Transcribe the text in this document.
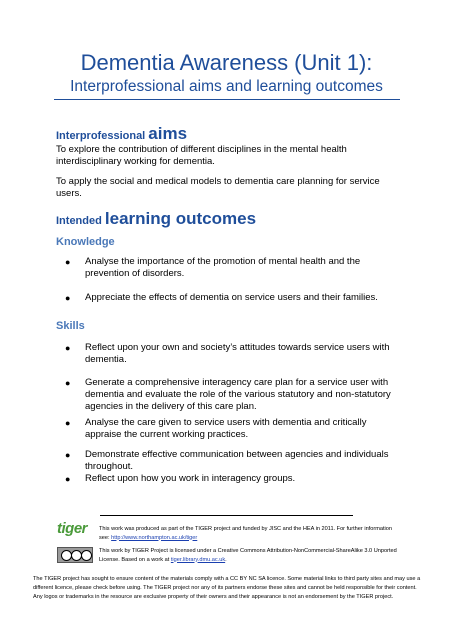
Dementia Awareness (Unit 1):
Interprofessional aims and learning outcomes
Interprofessional aims
To explore the contribution of different disciplines in the mental health interdisciplinary working for dementia.
To apply the social and medical models to dementia care planning for service users.
Intended learning outcomes
Knowledge
● Analyse the importance of the promotion of mental health and the prevention of disorders.
● Appreciate the effects of dementia on service users and their families.
Skills
● Reflect upon your own and society’s attitudes towards service users with dementia.
● Generate a comprehensive interagency care plan for a service user with dementia and evaluate the role of the various statutory and non-statutory agencies in the delivery of this care plan.
● Analyse the care given to service users with dementia and critically appraise the current working practices.
● Demonstrate effective communication between agencies and individuals throughout.
● Reflect upon how you work in interagency groups.
tiger	This work was produced as part of the TIGER project and funded by JISC and the HEA in 2011. For further information see: http://www.northampton.ac.uk/tiger
This work by TIGER Project is licensed under a Creative Commons Attribution-NonCommercial-ShareAlike 3.0 Unported License. Based on a work at tiger.library.dmu.ac.uk.
The TIGER project has sought to ensure content of the materials comply with a CC BY NC SA licence. Some material links to third party sites and may use a different licence, please check before using. The TIGER project nor any of its partners endorse these sites and cannot be held responsible for their content. Any logos or trademarks in the resource are exclusive property of their owners and their appearance is not an endorsement by the TIGER project.
